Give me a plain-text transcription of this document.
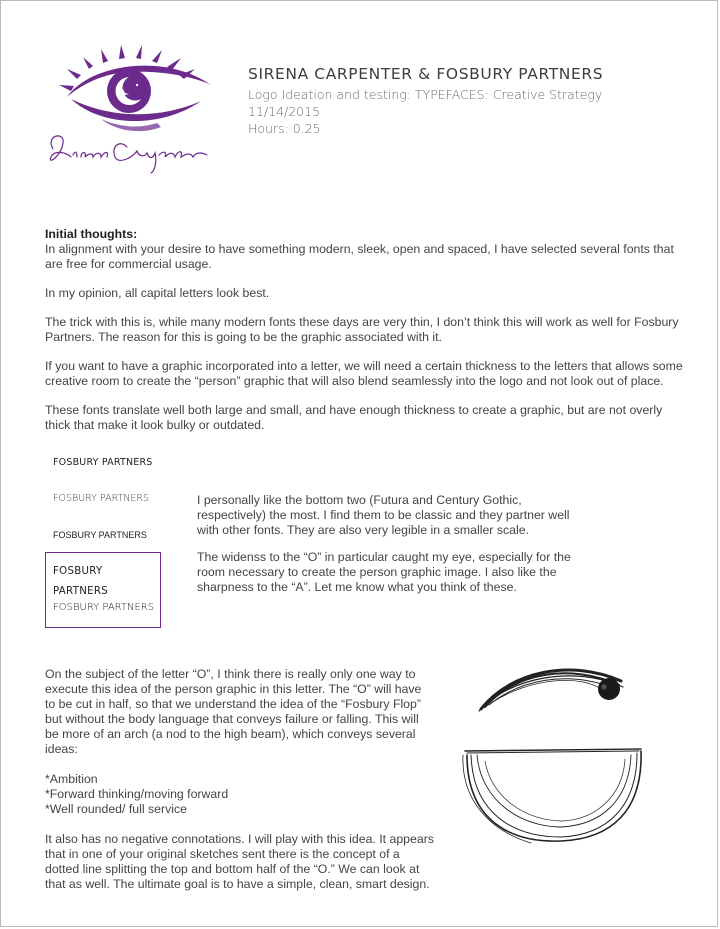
SIRENA CARPENTER & FOSBURY PARTNERS
Logo Ideation and testing: TYPEFACES: Creative Strategy
11/14/2015
Hours: 0.25
Initial thoughts:

In alignment with your desire to have something modern, sleek, open and spaced, I have selected several fonts that are free for commercial usage.

In my opinion, all capital letters look best.

The trick with this is, while many modern fonts these days are very thin, I don’t think this will work as well for Fosbury Partners. The reason for this is going to be the graphic associated with it.

If you want to have a graphic incorporated into a letter, we will need a certain thickness to the letters that allows some creative room to create the “person” graphic that will also blend seamlessly into the logo and not look out of place.

These fonts translate well both large and small, and have enough thickness to create a graphic, but are not overly thick that make it look bulky or outdated.

FOSBURY PARTNERS
FOSBURY PARTNERS
FOSBURY PARTNERS
FOSBURY PARTNERS
FOSBURY PARTNERS

I personally like the bottom two (Futura and Century Gothic, respectively) the most. I find them to be classic and they partner well with other fonts. They are also very legible in a smaller scale.

The widenss to the “O” in particular caught my eye, especially for the room necessary to create the person graphic image. I also like the sharpness to the “A”. Let me know what you think of these.

On the subject of the letter “O”, I think there is really only one way to execute this idea of the person graphic in this letter. The “O” will have to be cut in half, so that we understand the idea of the “Fosbury Flop” but without the body language that conveys failure or falling. This will be more of an arch (a nod to the high beam), which conveys several ideas:

*Ambition
*Forward thinking/moving forward
*Well rounded/ full service

It also has no negative connotations. I will play with this idea. It appears that in one of your original sketches sent there is the concept of a dotted line splitting the top and bottom half of the “O.” We can look at that as well. The ultimate goal is to have a simple, clean, smart design.
